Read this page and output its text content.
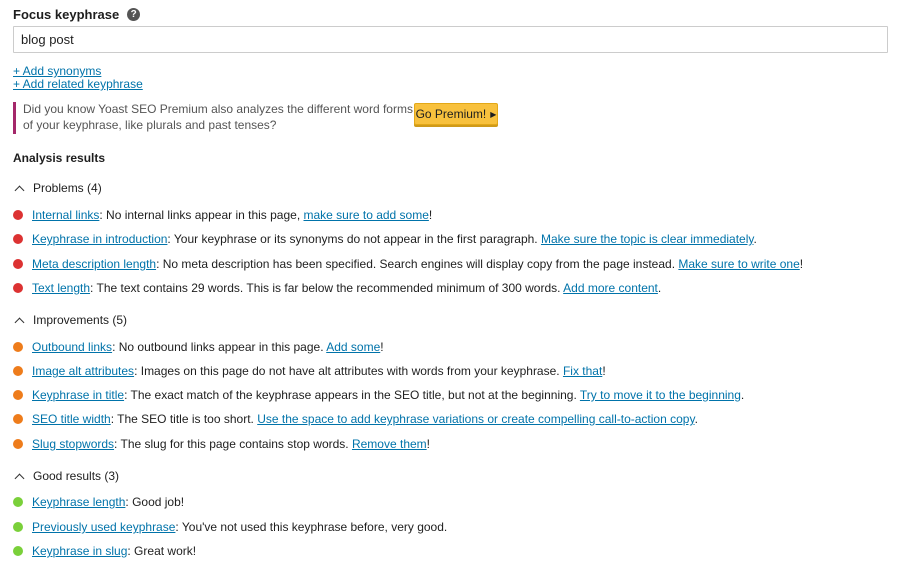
Focus keyphrase	?
blog post
+ Add synonyms
+ Add related keyphrase
Did you know Yoast SEO Premium also analyzes the different word forms of your keyphrase, like plurals and past tenses?
Go Premium! ▶
Analysis results
Problems (4)
Internal links: No internal links appear in this page, make sure to add some!
Keyphrase in introduction: Your keyphrase or its synonyms do not appear in the first paragraph. Make sure the topic is clear immediately.
Meta description length: No meta description has been specified. Search engines will display copy from the page instead. Make sure to write one!
Text length: The text contains 29 words. This is far below the recommended minimum of 300 words. Add more content.
Improvements (5)
Outbound links: No outbound links appear in this page. Add some!
Image alt attributes: Images on this page do not have alt attributes with words from your keyphrase. Fix that!
Keyphrase in title: The exact match of the keyphrase appears in the SEO title, but not at the beginning. Try to move it to the beginning.
SEO title width: The SEO title is too short. Use the space to add keyphrase variations or create compelling call-to-action copy.
Slug stopwords: The slug for this page contains stop words. Remove them!
Good results (3)
Keyphrase length: Good job!
Previously used keyphrase: You've not used this keyphrase before, very good.
Keyphrase in slug: Great work!
